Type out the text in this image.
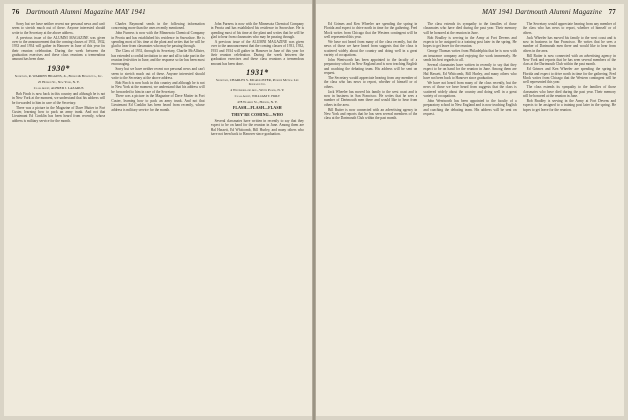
76 Dartmouth Alumni Magazine MAY 1941

Sorry but we have neither recent nor personal news and can't seem to stretch much out of these. Anyone interested should write to the Secretary at the above address.

A previous issue of the ALUMNI MAGAZINE was given over to the announcement that the coming classes of 1931, 1932, 1933 and 1934 will gather in Hanover in June of this year for their reunion celebration. During the week between the graduation exercises and these class reunions a tremendous amount has been done.

1930*
Secretary, R. WARREN HIGGINS, Jr., Benson & Benson Co., Inc.
25 Hudson St., New York, N. Y.
Class Agent, ALFRED J. LAZARUS

Bob Finch is now back in this country and although he is not in New York at the moment, we understand that his address will be forwarded to him in care of the Secretary.

There was a picture in the Magazine of Dave Mutter in Fort Custer, learning how to pack an army trunk. And not that Lieutenant Ed Conklin has been heard from recently, whose address is military service for the month.

Charles Raymond sends in the following information concerning more than the ones recently mentioned.

John Furness is now with the Minnesota Chemical Company in Peoria and has established his residence in Snowshoe. He is spending most of his time at the plant and writes that he will be glad to hear from classmates who may be passing through.

The Class of 1931, through its Secretary, Charlie McAllister, has extended a cordial invitation to one and all to take part in the reunion festivities in June, and the response so far has been most encouraging.

Sorry but we have neither recent nor personal news and can't seem to stretch much out of these. Anyone interested should write to the Secretary at the above address.

Bob Finch is now back in this country and although he is not in New York at the moment, we understand that his address will be forwarded to him in care of the Secretary.

There was a picture in the Magazine of Dave Mutter in Fort Custer, learning how to pack an army trunk. And not that Lieutenant Ed Conklin has been heard from recently, whose address is military service for the month.

John Furness is now with the Minnesota Chemical Company in Peoria and has established his residence in Snowshoe. He is spending most of his time at the plant and writes that he will be glad to hear from classmates who may be passing through.

A previous issue of the ALUMNI MAGAZINE was given over to the announcement that the coming classes of 1931, 1932, 1933 and 1934 will gather in Hanover in June of this year for their reunion celebration. During the week between the graduation exercises and these class reunions a tremendous amount has been done.

1931*
Secretary, CHARLES S. MCALLISTER, Phoenix Mutual Life Insurance Co.
4 Westmoreland Ave., White Plains, N. Y.
Class Agent, WILLIAM T. HOLT
478 Warren St., Hudson, N. Y.
FLASH—FLASH—FLASH
THEY'RE COMING—WHO

Several classmates have written in recently to say that they expect to be on hand for the reunion in June. Among them are Hal Hassett, Ed Whitcomb, Bill Hurley, and many others who have not been back to Hanover since graduation.

MAY 1941 Dartmouth Alumni Magazine 77

Ed Grimes and Ken Wheeler are spending the spring in Florida and expect to drive north in time for the gathering. Fred Mock writes from Chicago that the Western contingent will be well represented this year.

We have not heard from many of the class recently, but the news of those we have heard from suggests that the class is scattered widely about the country and doing well in a great variety of occupations.

John Wentworth has been appointed to the faculty of a preparatory school in New England and is now teaching English and coaching the debating team. His address will be sent on request.

The Secretary would appreciate hearing from any member of the class who has news to report, whether of himself or of others.

Jack Wheeler has moved his family to the west coast and is now in business in San Francisco. He writes that he sees a number of Dartmouth men there and would like to hear from others in the area.

Bill Rutter is now connected with an advertising agency in New York and reports that he has seen several members of the class at the Dartmouth Club within the past month.

The class extends its sympathy to the families of those classmates who have died during the past year. Their memory will be honored at the reunion in June.

Bob Bradley is serving in the Army at Fort Devens and expects to be assigned to a training post later in the spring. He hopes to get leave for the reunion.

George Thomas writes from Philadelphia that he is now with an insurance company and enjoying the work immensely. He sends his best regards to all.

Several classmates have written in recently to say that they expect to be on hand for the reunion in June. Among them are Hal Hassett, Ed Whitcomb, Bill Hurley, and many others who have not been back to Hanover since graduation.

We have not heard from many of the class recently, but the news of those we have heard from suggests that the class is scattered widely about the country and doing well in a great variety of occupations.

John Wentworth has been appointed to the faculty of a preparatory school in New England and is now teaching English and coaching the debating team. His address will be sent on request.

The Secretary would appreciate hearing from any member of the class who has news to report, whether of himself or of others.

Jack Wheeler has moved his family to the west coast and is now in business in San Francisco. He writes that he sees a number of Dartmouth men there and would like to hear from others in the area.

Bill Rutter is now connected with an advertising agency in New York and reports that he has seen several members of the class at the Dartmouth Club within the past month.

Ed Grimes and Ken Wheeler are spending the spring in Florida and expect to drive north in time for the gathering. Fred Mock writes from Chicago that the Western contingent will be well represented this year.

The class extends its sympathy to the families of those classmates who have died during the past year. Their memory will be honored at the reunion in June.

Bob Bradley is serving in the Army at Fort Devens and expects to be assigned to a training post later in the spring. He hopes to get leave for the reunion.
